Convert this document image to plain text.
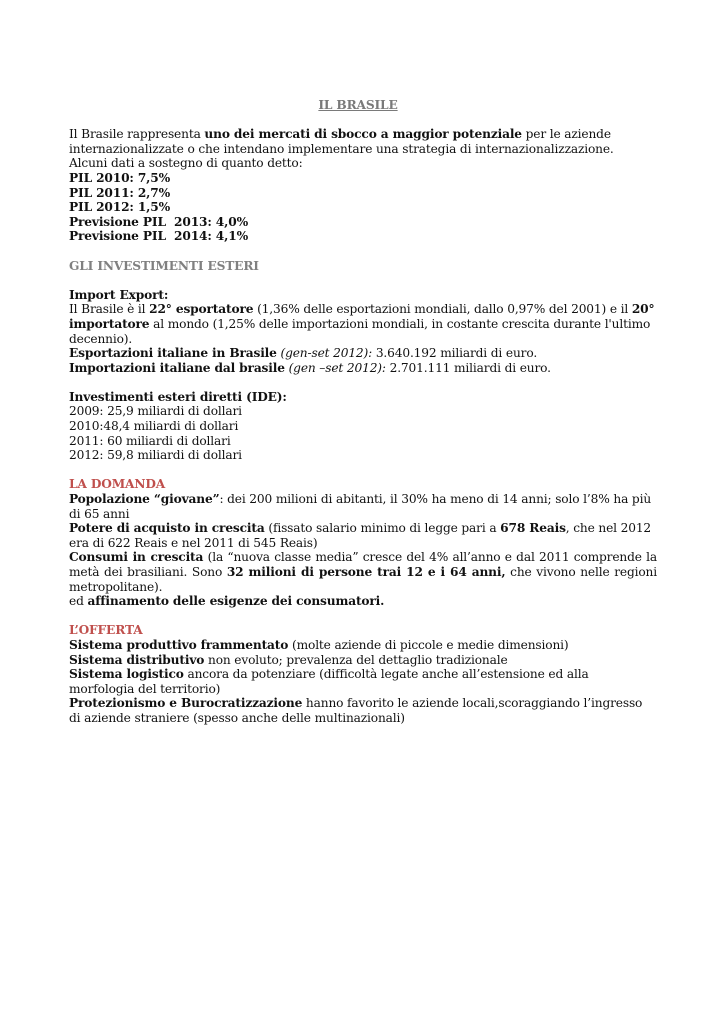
IL BRASILE
Il Brasile rappresenta uno dei mercati di sbocco a maggior potenziale per le aziende internazionalizzate o che intendano implementare una strategia di internazionalizzazione.
Alcuni dati a sostegno di quanto detto:
PIL 2010: 7,5%
PIL 2011: 2,7%
PIL 2012: 1,5%
Previsione PIL  2013: 4,0%
Previsione PIL  2014: 4,1%
GLI INVESTIMENTI ESTERI
Import Export:
Il Brasile è il 22° esportatore (1,36% delle esportazioni mondiali, dallo 0,97% del 2001) e il 20° importatore al mondo (1,25% delle importazioni mondiali, in costante crescita durante l'ultimo decennio).
Esportazioni italiane in Brasile (gen-set 2012): 3.640.192 miliardi di euro.
Importazioni italiane dal brasile (gen –set 2012): 2.701.111 miliardi di euro.
Investimenti esteri diretti (IDE):
2009: 25,9 miliardi di dollari
2010:48,4 miliardi di dollari
2011: 60 miliardi di dollari
2012: 59,8 miliardi di dollari
LA DOMANDA
Popolazione “giovane”: dei 200 milioni di abitanti, il 30% ha meno di 14 anni; solo l’8% ha più di 65 anni
Potere di acquisto in crescita (fissato salario minimo di legge pari a 678 Reais, che nel 2012 era di 622 Reais e nel 2011 di 545 Reais)
Consumi in crescita (la “nuova classe media” cresce del 4% all’anno e dal 2011 comprende la metà dei brasiliani. Sono 32 milioni di persone trai 12 e i 64 anni, che vivono nelle regioni metropolitane).
ed affinamento delle esigenze dei consumatori.
L’OFFERTA
Sistema produttivo frammentato (molte aziende di piccole e medie dimensioni)
Sistema distributivo non evoluto; prevalenza del dettaglio tradizionale
Sistema logistico ancora da potenziare (difficoltà legate anche all’estensione ed alla morfologia del territorio)
Protezionismo e Burocratizzazione hanno favorito le aziende locali,scoraggiando l’ingresso di aziende straniere (spesso anche delle multinazionali)
